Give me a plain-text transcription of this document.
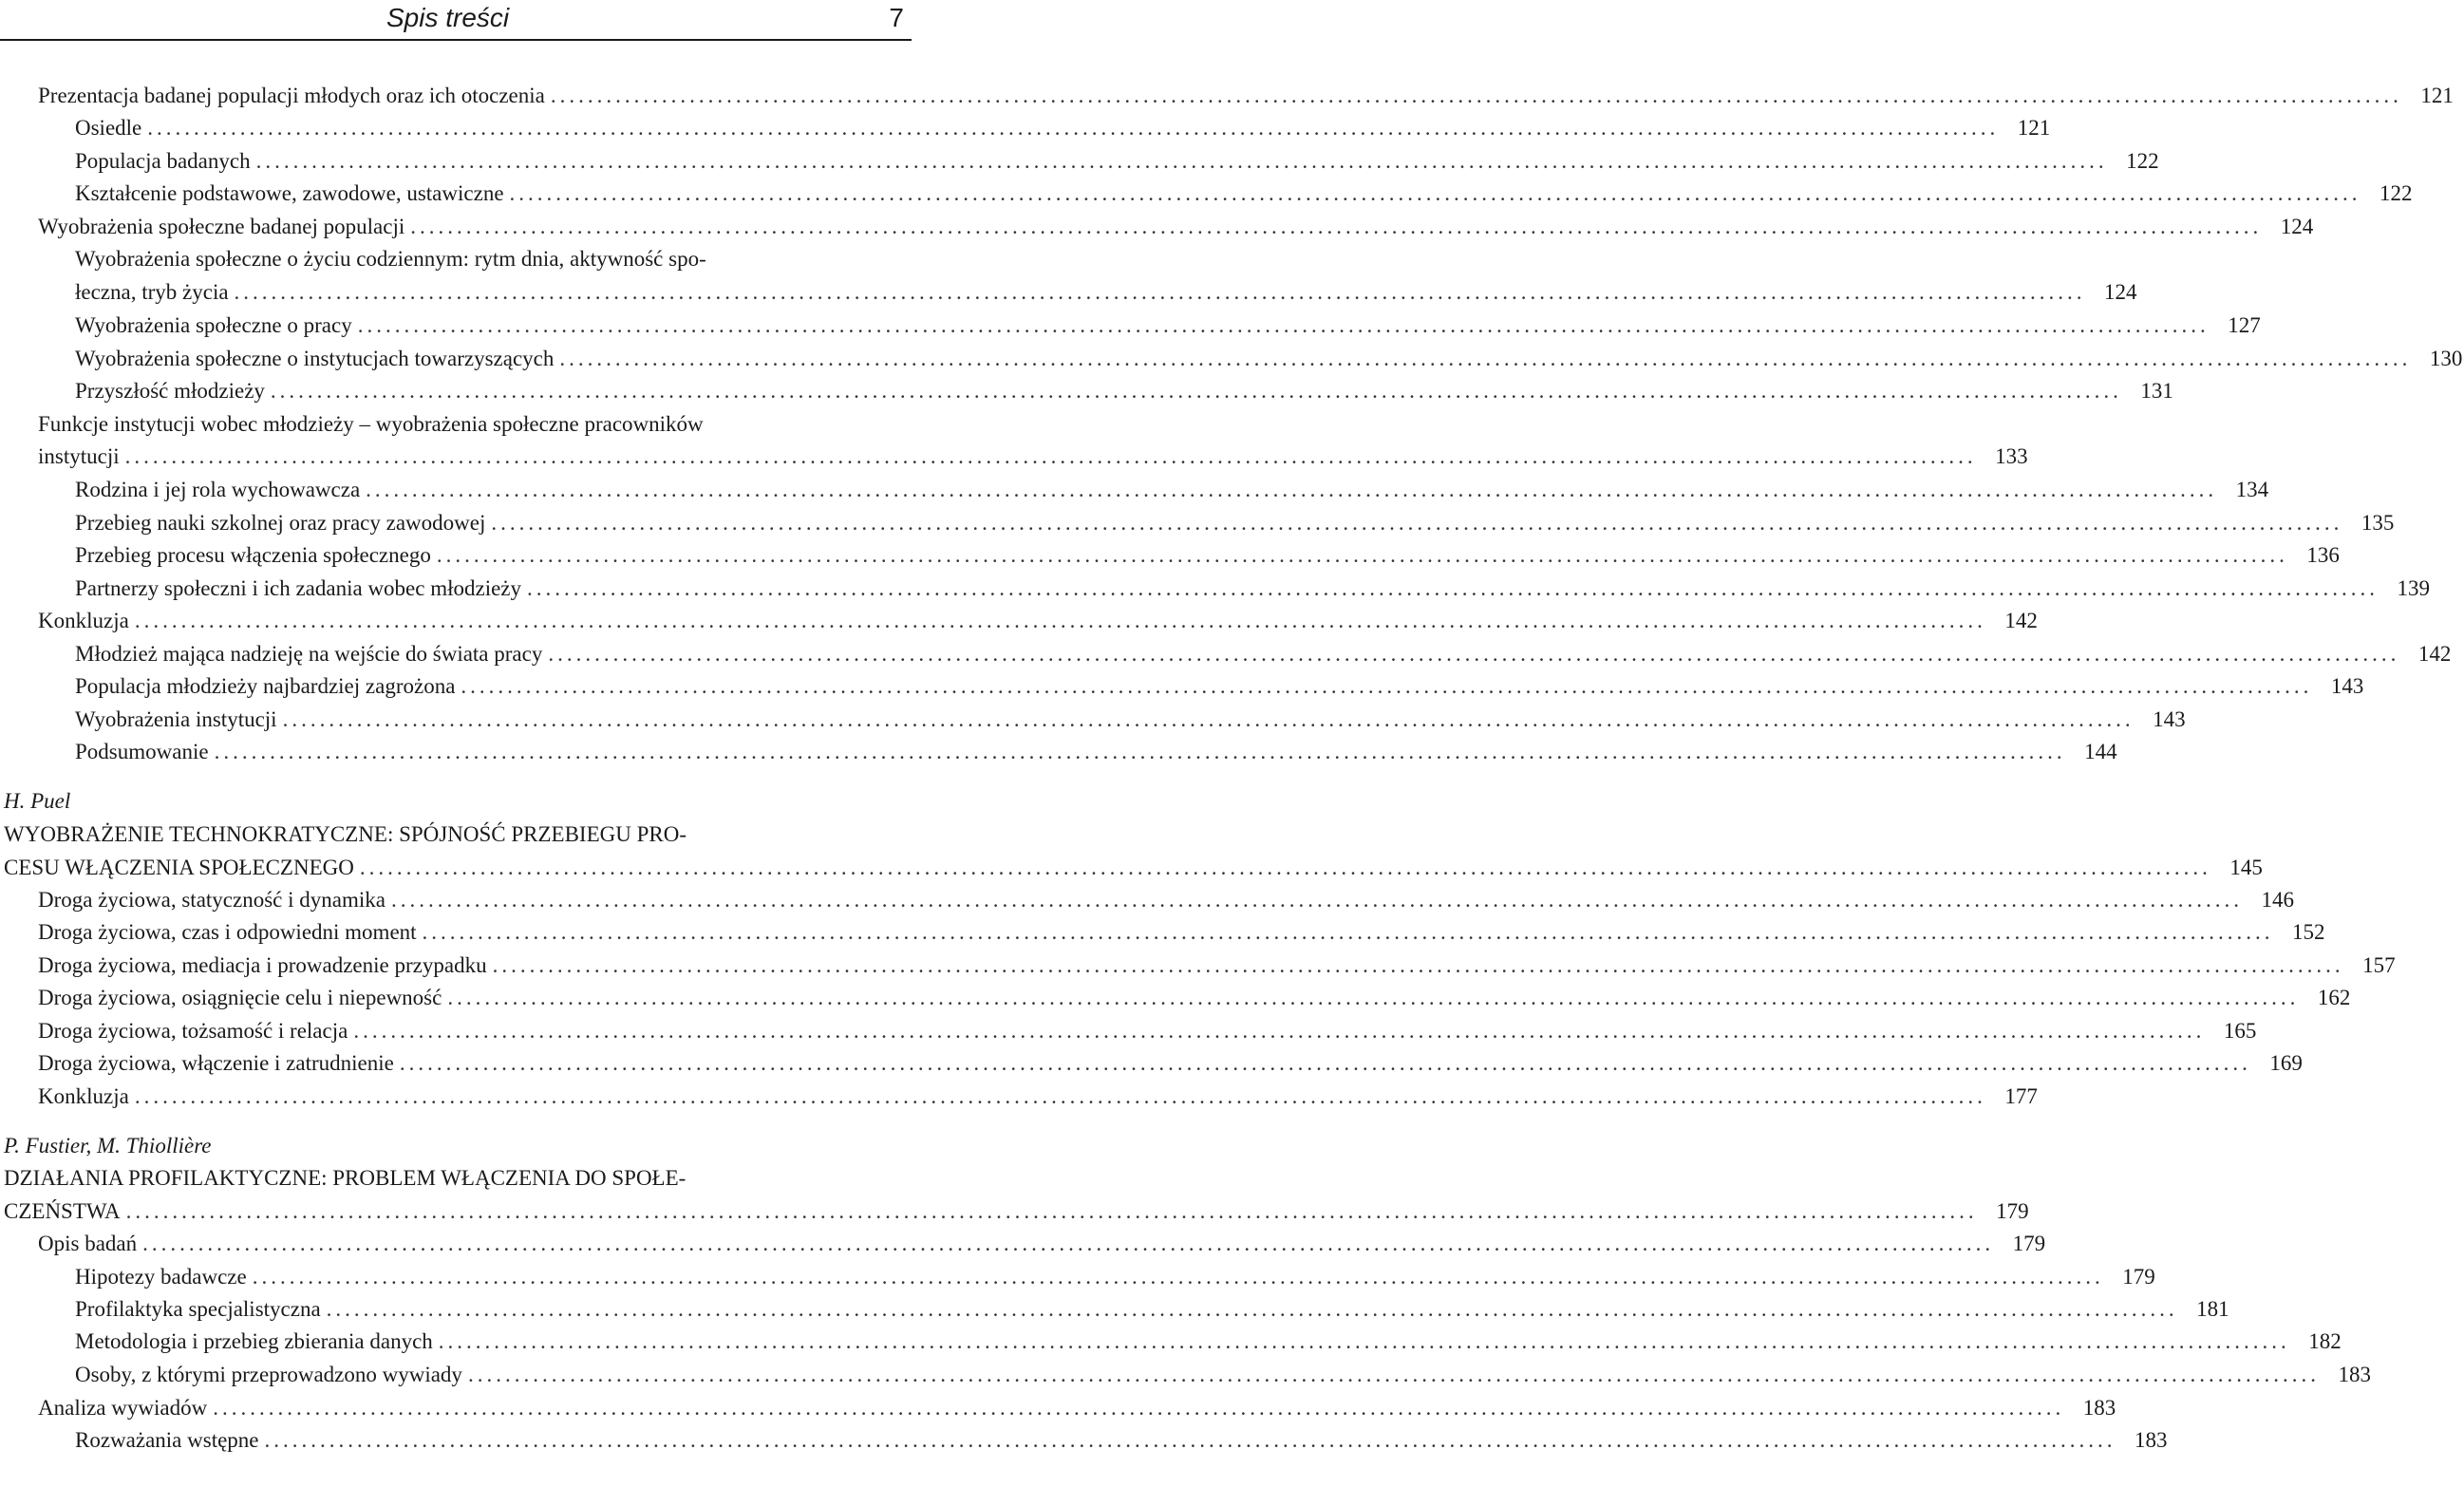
Spis treści	7
Prezentacja badanej populacji młodych oraz ich otoczenia .....	121
Osiedle .....	121
Populacja badanych .....	122
Kształcenie podstawowe, zawodowe, ustawiczne .....	122
Wyobrażenia społeczne badanej populacji .....	124
Wyobrażenia społeczne o życiu codziennym: rytm dnia, aktywność spo-
łeczna, tryb życia .....	124
Wyobrażenia społeczne o pracy .....	127
Wyobrażenia społeczne o instytucjach towarzyszących .....	130
Przyszłość młodzieży .....	131
Funkcje instytucji wobec młodzieży – wyobrażenia społeczne pracowników
instytucji .....	133
Rodzina i jej rola wychowawcza .....	134
Przebieg nauki szkolnej oraz pracy zawodowej .....	135
Przebieg procesu włączenia społecznego .....	136
Partnerzy społeczni i ich zadania wobec młodzieży .....	139
Konkluzja .....	142
Młodzież mająca nadzieję na wejście do świata pracy .....	142
Populacja młodzieży najbardziej zagrożona .....	143
Wyobrażenia instytucji .....	143
Podsumowanie .....	144
H. Puel
WYOBRAŻENIE TECHNOKRATYCZNE: SPÓJNOŚĆ PRZEBIEGU PRO-
CESU WŁĄCZENIA SPOŁECZNEGO .....	145
Droga życiowa, statyczność i dynamika .....	146
Droga życiowa, czas i odpowiedni moment .....	152
Droga życiowa, mediacja i prowadzenie przypadku .....	157
Droga życiowa, osiągnięcie celu i niepewność .....	162
Droga życiowa, tożsamość i relacja .....	165
Droga życiowa, włączenie i zatrudnienie .....	169
Konkluzja .....	177
P. Fustier, M. Thiollière
DZIAŁANIA PROFILAKTYCZNE: PROBLEM WŁĄCZENIA DO SPOŁE-
CZEŃSTWA .....	179
Opis badań .....	179
Hipotezy badawcze .....	179
Profilaktyka specjalistyczna .....	181
Metodologia i przebieg zbierania danych .....	182
Osoby, z którymi przeprowadzono wywiady .....	183
Analiza wywiadów .....	183
Rozważania wstępne .....	183
